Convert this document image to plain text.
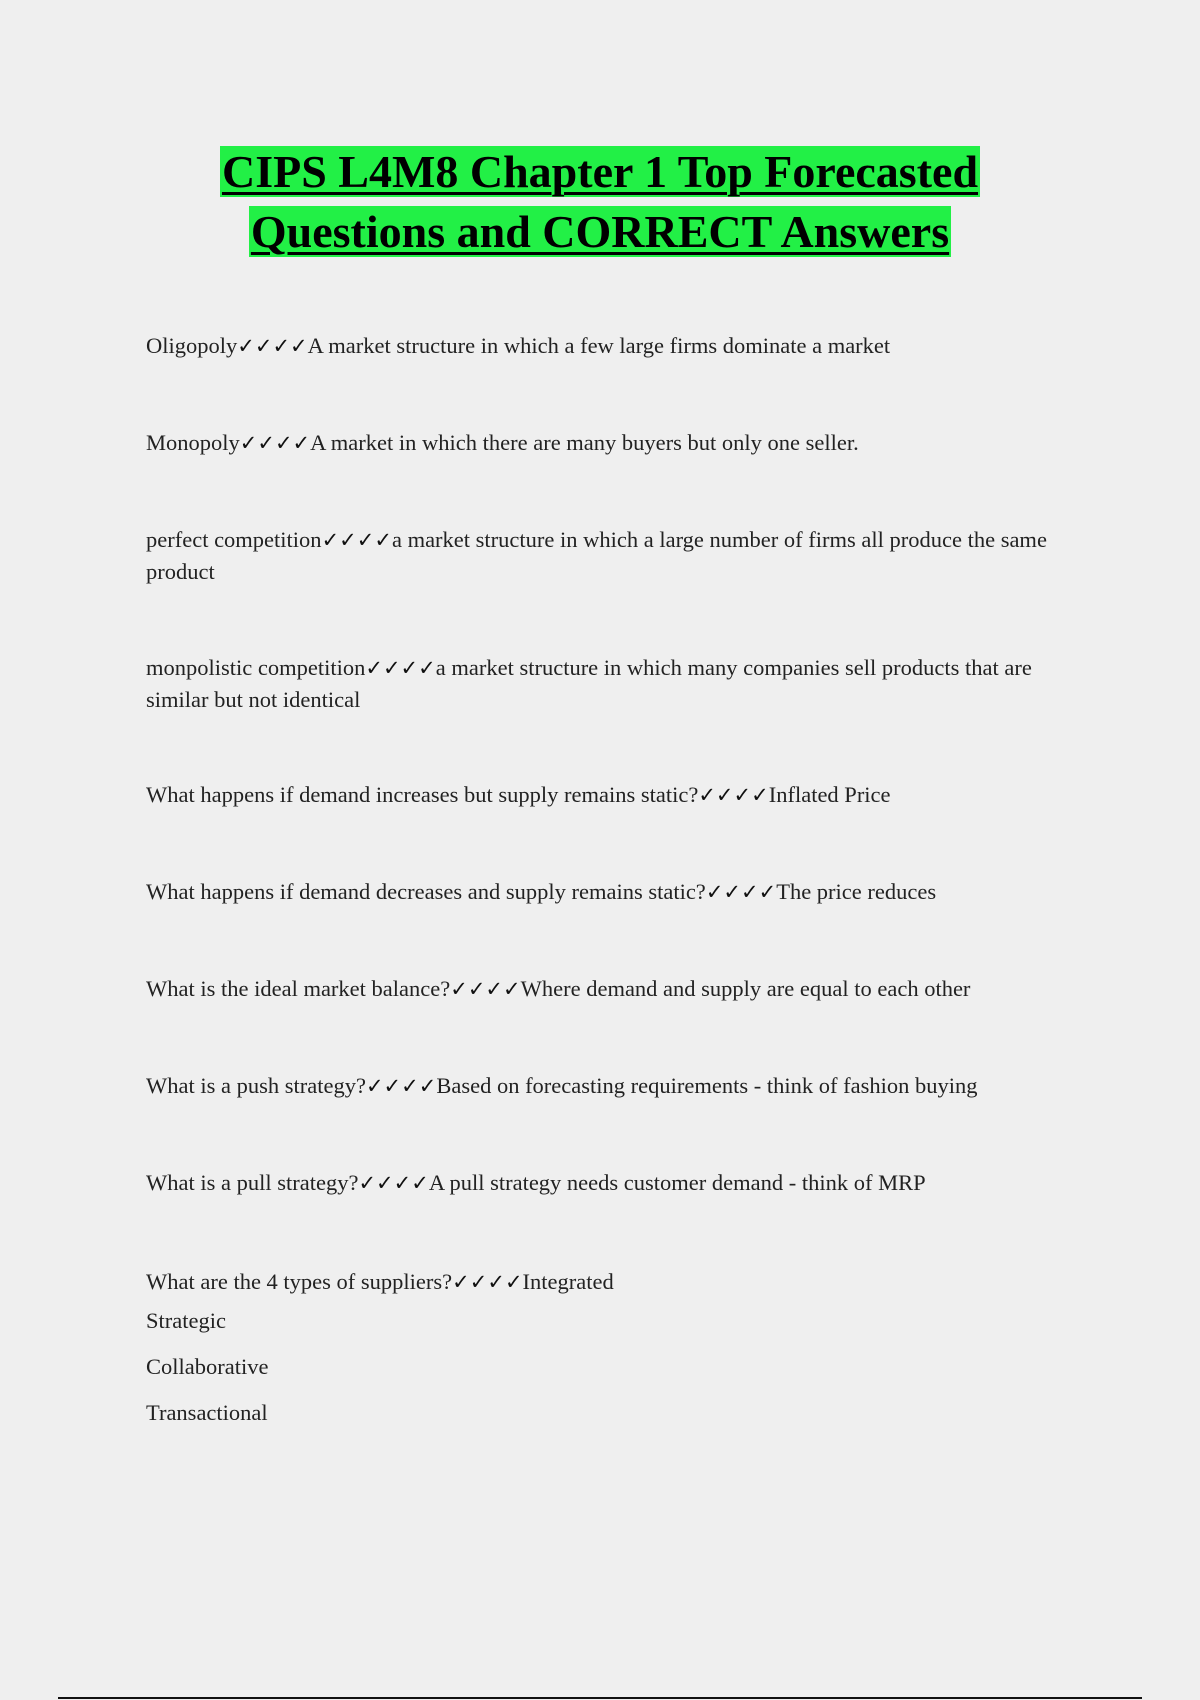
CIPS L4M8 Chapter 1 Top Forecasted
Questions and CORRECT Answers
Oligopoly✓✓✓✓A market structure in which a few large firms dominate a market
Monopoly✓✓✓✓A market in which there are many buyers but only one seller.
perfect competition✓✓✓✓a market structure in which a large number of firms all produce the same product
monpolistic competition✓✓✓✓a market structure in which many companies sell products that are similar but not identical
What happens if demand increases but supply remains static?✓✓✓✓Inflated Price
What happens if demand decreases and supply remains static?✓✓✓✓The price reduces
What is the ideal market balance?✓✓✓✓Where demand and supply are equal to each other
What is a push strategy?✓✓✓✓Based on forecasting requirements - think of fashion buying
What is a pull strategy?✓✓✓✓A pull strategy needs customer demand - think of MRP
What are the 4 types of suppliers?✓✓✓✓Integrated
Strategic
Collaborative
Transactional
